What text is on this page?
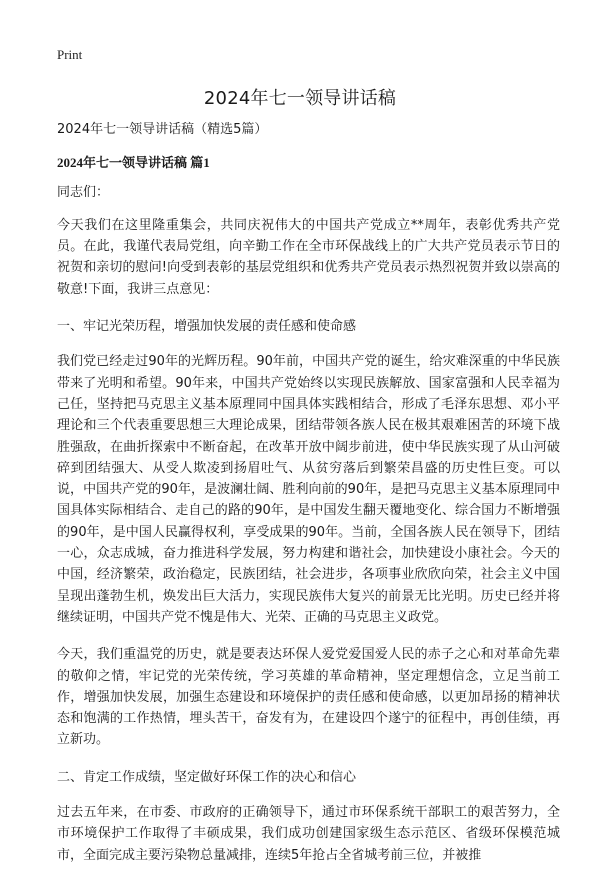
Print
2024年七一领导讲话稿

2024年七一领导讲话稿（精选5篇）

2024年七一领导讲话稿 篇1

同志们：

今天我们在这里隆重集会，共同庆祝伟大的中国共产党成立**周年，表彰优秀共产党员。在此，我谨代表局党组，向辛勤工作在全市环保战线上的广大共产党员表示节日的祝贺和亲切的慰问!向受到表彰的基层党组织和优秀共产党员表示热烈祝贺并致以崇高的敬意!下面，我讲三点意见：

一、牢记光荣历程，增强加快发展的责任感和使命感

我们党已经走过90年的光辉历程。90年前，中国共产党的诞生，给灾难深重的中华民族带来了光明和希望。90年来，中国共产党始终以实现民族解放、国家富强和人民幸福为己任，坚持把马克思主义基本原理同中国具体实践相结合，形成了毛泽东思想、邓小平理论和三个代表重要思想三大理论成果，团结带领各族人民在极其艰难困苦的环境下战胜强敌，在曲折探索中不断奋起，在改革开放中阔步前进，使中华民族实现了从山河破碎到团结强大、从受人欺凌到扬眉吐气、从贫穷落后到繁荣昌盛的历史性巨变。可以说，中国共产党的90年，是波澜壮阔、胜利向前的90年，是把马克思主义基本原理同中国具体实际相结合、走自己的路的90年，是中国发生翻天覆地变化、综合国力不断增强的90年，是中国人民赢得权利，享受成果的90年。当前，全国各族人民在领导下，团结一心，众志成城，奋力推进科学发展，努力构建和谐社会，加快建设小康社会。今天的中国，经济繁荣，政治稳定，民族团结，社会进步，各项事业欣欣向荣，社会主义中国呈现出蓬勃生机，焕发出巨大活力，实现民族伟大复兴的前景无比光明。历史已经并将继续证明，中国共产党不愧是伟大、光荣、正确的马克思主义政党。

今天，我们重温党的历史，就是要表达环保人爱党爱国爱人民的赤子之心和对革命先辈的敬仰之情，牢记党的光荣传统，学习英雄的革命精神，坚定理想信念，立足当前工作，增强加快发展，加强生态建设和环境保护的责任感和使命感，以更加昂扬的精神状态和饱满的工作热情，埋头苦干，奋发有为，在建设四个遂宁的征程中，再创佳绩，再立新功。

二、肯定工作成绩，坚定做好环保工作的决心和信心

过去五年来，在市委、市政府的正确领导下，通过市环保系统干部职工的艰苦努力，全市环境保护工作取得了丰硕成果，我们成功创建国家级生态示范区、省级环保模范城市，全面完成主要污染物总量减排，连续5年抢占全省城考前三位，并被推
